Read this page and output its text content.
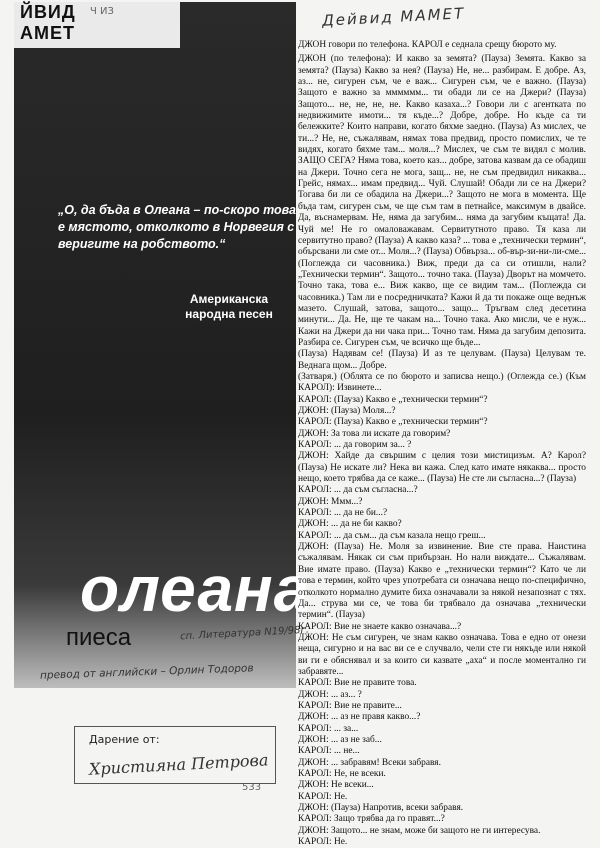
ЙВИД
АМЕТ
„О, да бъда в Олеана – по-скоро това е мястото, отколкото в Норвегия с веригите на робството.“
Американска
народна песен
олеана
пиеса	сп. Литература N19/98г.
превод от английски – Орлин Тодоров
Дейвид МАМЕТ
Ч ИЗ
533
Дарение от:
Християна Петрова

ДЖОН говори по телефона. КАРОЛ е седнала срещу бюрото му.

ДЖОН (по телефона): И какво за земята? (Пауза) Земята. Какво за земята? (Пауза) Какво за нея? (Пауза) Не, не... разбирам. Е добре. Аз, аз... не, сигурен съм, че е важ... Сигурен съм, че е важно. (Пауза) Защото е важно за мммммм... ти обади ли се на Джери? (Пауза) Защото... не, не, не, не. Какво казаха...? Говори ли с агентката по недвижимите имоти... тя къде...? Добре, добре. Но къде са ти бележките? Които направи, когато бяхме заедно. (Пауза) Аз мислех, че ти...? Не, не, съжалявам, нямах това предвид, просто помислих, че те видях, когато бяхме там... моля...? Мислех, че съм те видял с молив. ЗАЩО СЕГА? Няма това, което каз... добре, затова казвам да се обадиш на Джери. Точно сега не мога, защ... не, не съм предвидил никаква... Грейс, нямах... имам предвид... Чуй. Слушай! Обади ли се на Джери? Тогава би ли се обадила на Джери...? Защото не мога в момента. Ще бъда там, сигурен съм, че ще съм там в петнайсе, максимум в двайсе. Да, въснамервам. Не, няма да загубим... няма да загубим къщата! Да. Чуй ме! Не го омаловажавам. Сервитутното право. Тя каза ли сервитутно право? (Пауза) А какво каза? ... това е „технически термин“, обърсвани ли сме от... Моля...? (Пауза) Обвърза... об-вър-зи-ни-ли-сме... (Поглежда си часовника.) Виж, преди да са си отишли, нали? „Технически термин“. Защото... точно така. (Пауза) Дворът на момчето. Точно така, това е... Виж какво, ще се видим там... (Поглежда си часовника.) Там ли е посредничката? Кажи й да ти покаже още веднъж мазето. Слушай, затова, защото... защо... Тръгвам след десетина минути... Да. Не, ще те чакам на... Точно така. Ако мисли, че е нуж... Кажи на Джери да ни чака при... Точно там. Няма да загубим депозита. Разбира се. Сигурен съм, че всичко ще бъде...

(Пауза) Надявам се! (Пауза) И аз те целувам. (Пауза) Целувам те. Веднага щом... Добре.

(Затваря.) (Облята се по бюрото и записва нещо.) (Оглежда се.) (Към КАРОЛ): Извинете...

КАРОЛ: (Пауза) Какво е „технически термин“?

ДЖОН: (Пауза) Моля...?

КАРОЛ: (Пауза) Какво е „технически термин“?

ДЖОН: За това ли искате да говорим?

КАРОЛ: ... да говорим за... ?

ДЖОН: Хайде да свършим с целия този мистицизъм. А? Карол? (Пауза) Не искате ли? Нека ви кажа. След като имате някаква... просто нещо, което трябва да се каже... (Пауза) Не сте ли съгласна...? (Пауза)

КАРОЛ: ... да съм съгласна...?

ДЖОН: Ммм...?

КАРОЛ: ... да не би...?

ДЖОН: ... да не би какво?

КАРОЛ: ... да съм... да съм казала нещо греш...

ДЖОН: (Пауза) Не. Моля за извинение. Вие сте права. Наистина съжалявам. Някак си съм прибързан. Но нали виждате... Съжалявам. Вие имате право. (Пауза) Какво е „технически термин“? Като че ли това е термин, който чрез употребата си означава нещо по-специфично, отколкото нормално думите биха означавали за някой незапознат с тях. Да... струва ми се, че това би трябвало да означава „технически термин“. (Пауза)

КАРОЛ: Вие не знаете какво означава...?

ДЖОН: Не съм сигурен, че знам какво означава. Това е едно от онези неща, сигурно и на вас ви се е случвало, чели сте ги някъде или някой ви ги е обяснявал и за които си казвате „аха“ и после моментално ги забравяте...

КАРОЛ: Вие не правите това.

ДЖОН: ... аз... ?

КАРОЛ: Вие не правите...

ДЖОН: ... аз не правя какво...?

КАРОЛ: ... за...

ДЖОН: ... аз не заб...

КАРОЛ: ... не...

ДЖОН: ... забравям! Всеки забравя.

КАРОЛ: Не, не всеки.

ДЖОН: Не всеки...

КАРОЛ: Не.

ДЖОН: (Пауза) Напротив, всеки забравя.

КАРОЛ: Защо трябва да го правят...?

ДЖОН: Защото... не знам, може би защото не ги интересува.

КАРОЛ: Не.
